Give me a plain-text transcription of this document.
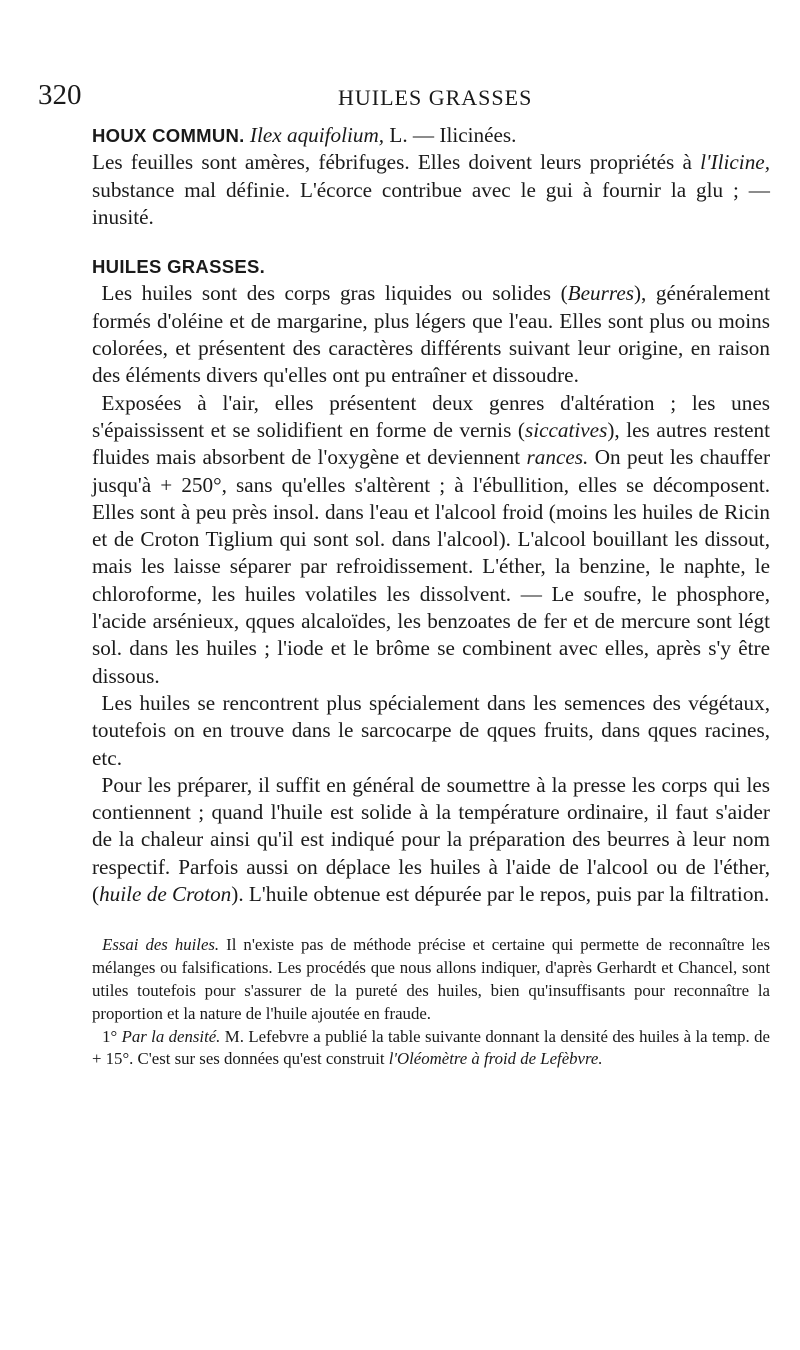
320	HUILES GRASSES

HOUX COMMUN. Ilex aquifolium, L. — Ilicinées.
Les feuilles sont amères, fébrifuges. Elles doivent leurs propriétés à l'Ilicine, substance mal définie. L'écorce contribue avec le gui à fournir la glu ; — inusité.

HUILES GRASSES.

Les huiles sont des corps gras liquides ou solides (Beurres), généralement formés d'oléine et de margarine, plus légers que l'eau. Elles sont plus ou moins colorées, et présentent des caractères différents suivant leur origine, en raison des éléments divers qu'elles ont pu entraîner et dissoudre.

Exposées à l'air, elles présentent deux genres d'altération ; les unes s'épaississent et se solidifient en forme de vernis (siccatives), les autres restent fluides mais absorbent de l'oxygène et deviennent rances. On peut les chauffer jusqu'à + 250°, sans qu'elles s'altèrent ; à l'ébullition, elles se décomposent. Elles sont à peu près insol. dans l'eau et l'alcool froid (moins les huiles de Ricin et de Croton Tiglium qui sont sol. dans l'alcool). L'alcool bouillant les dissout, mais les laisse séparer par refroidissement. L'éther, la benzine, le naphte, le chloroforme, les huiles volatiles les dissolvent. — Le soufre, le phosphore, l'acide arsénieux, qques alcaloïdes, les benzoates de fer et de mercure sont légt sol. dans les huiles ; l'iode et le brôme se combinent avec elles, après s'y être dissous.

Les huiles se rencontrent plus spécialement dans les semences des végétaux, toutefois on en trouve dans le sarcocarpe de qques fruits, dans qques racines, etc.

Pour les préparer, il suffit en général de soumettre à la presse les corps qui les contiennent ; quand l'huile est solide à la température ordinaire, il faut s'aider de la chaleur ainsi qu'il est indiqué pour la préparation des beurres à leur nom respectif. Parfois aussi on déplace les huiles à l'aide de l'alcool ou de l'éther, (huile de Croton). L'huile obtenue est dépurée par le repos, puis par la filtration.

Essai des huiles. Il n'existe pas de méthode précise et certaine qui permette de reconnaître les mélanges ou falsifications. Les procédés que nous allons indiquer, d'après Gerhardt et Chancel, sont utiles toutefois pour s'assurer de la pureté des huiles, bien qu'insuffisants pour reconnaître la proportion et la nature de l'huile ajoutée en fraude.

1° Par la densité. M. Lefebvre a publié la table suivante donnant la densité des huiles à la temp. de + 15°. C'est sur ses données qu'est construit l'Oléomètre à froid de Lefèbvre.
